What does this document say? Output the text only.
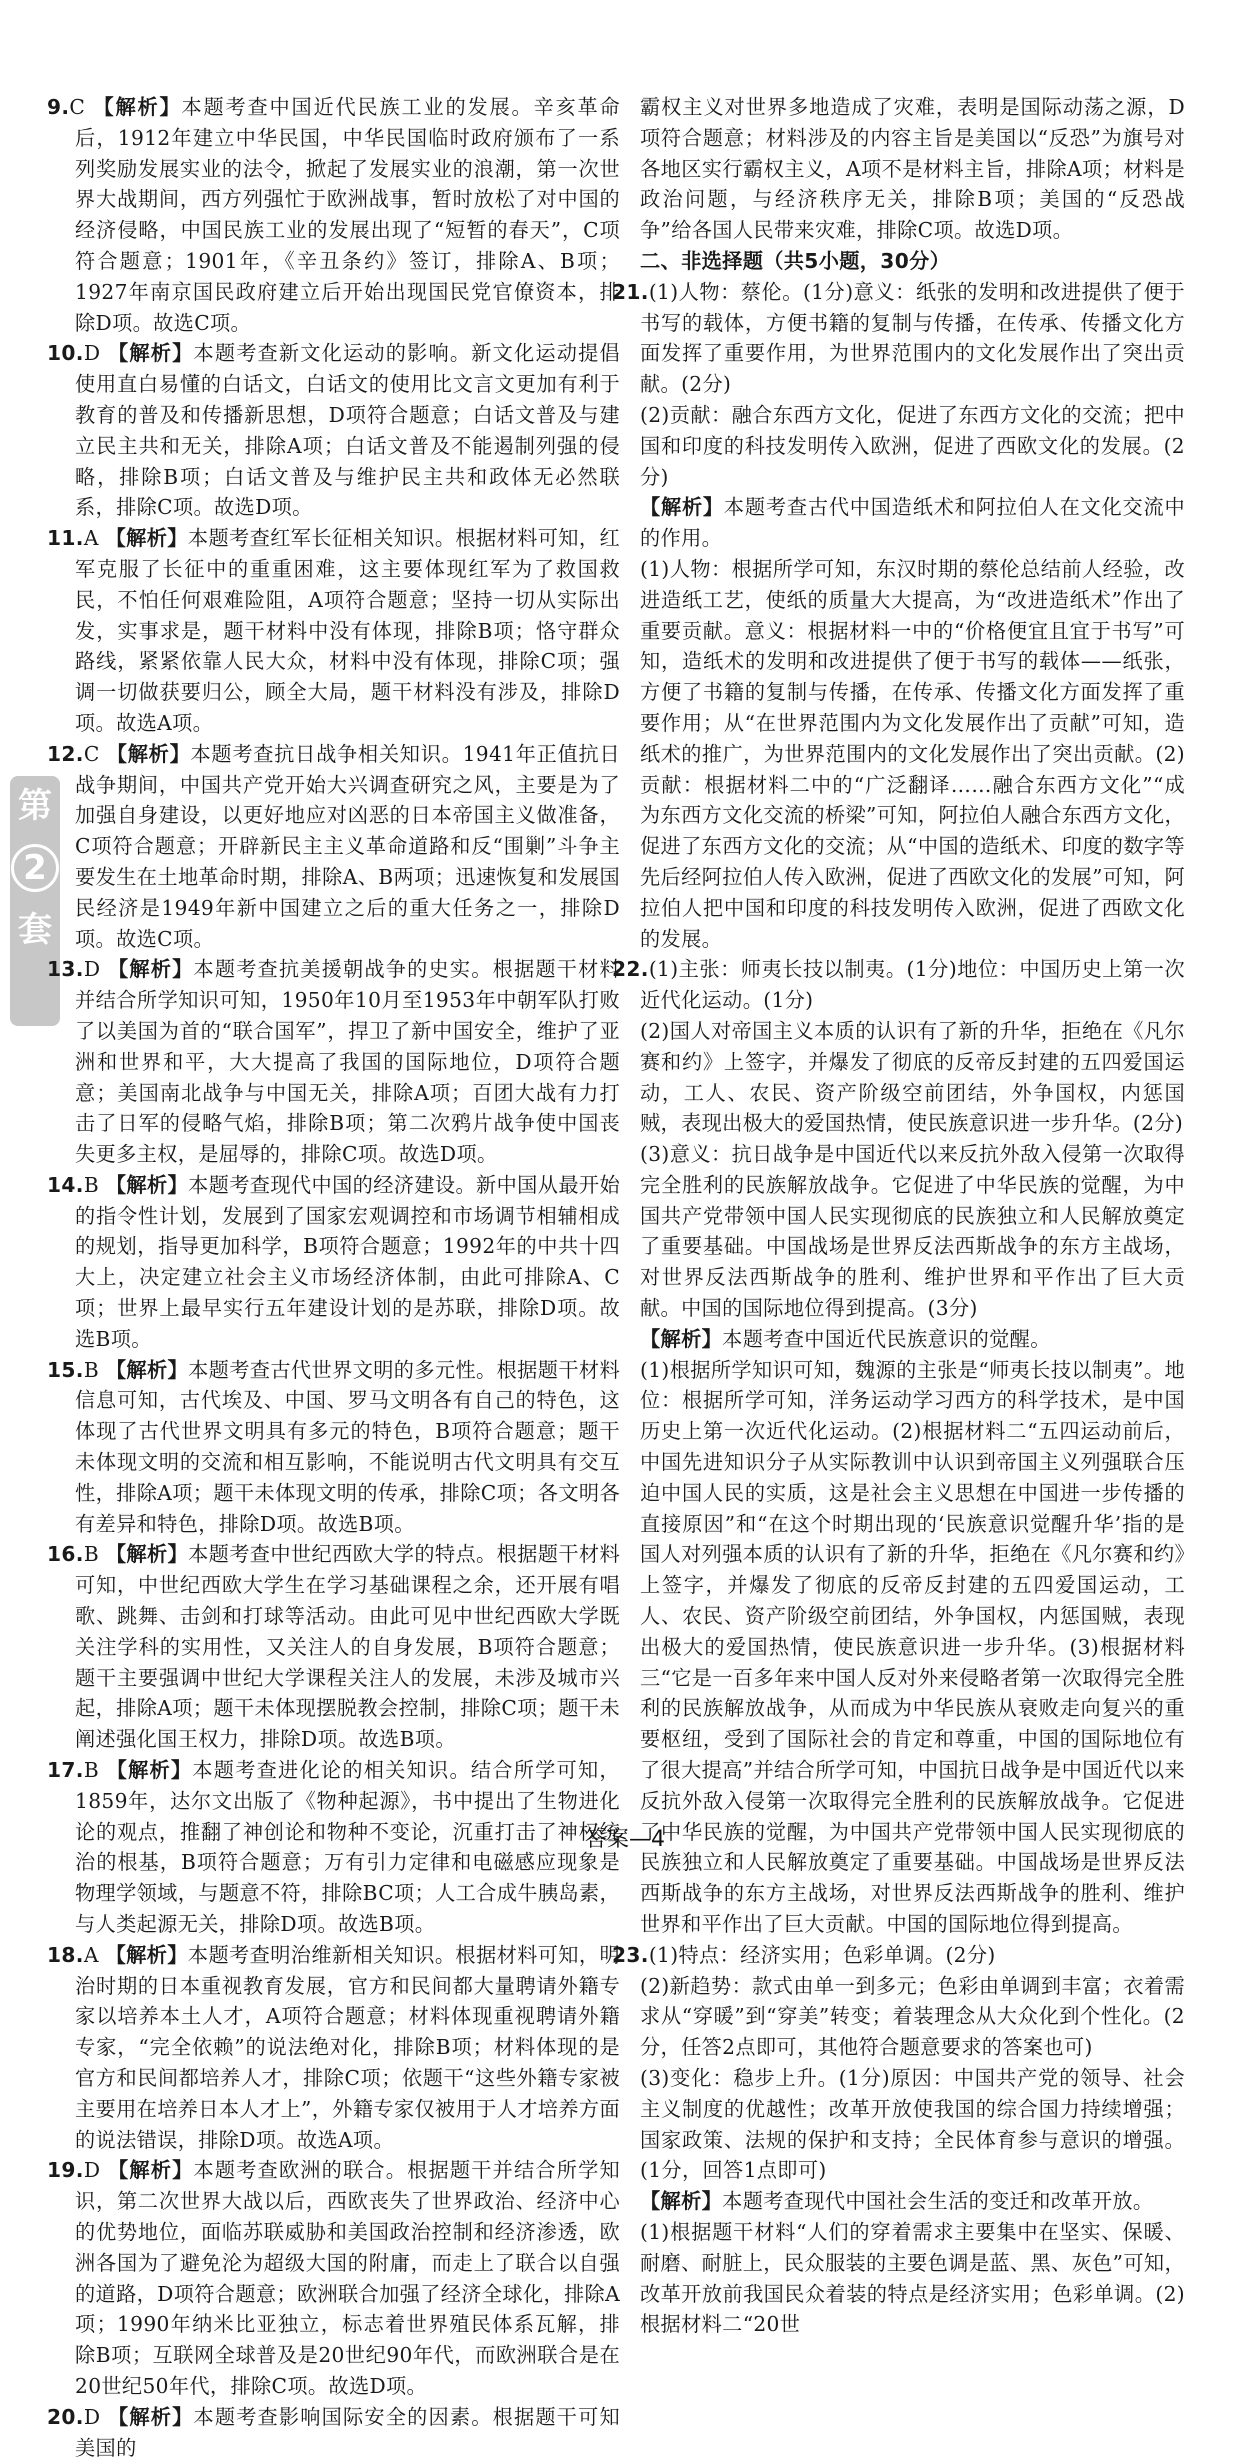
第
2
套
9.C 【解析】本题考查中国近代民族工业的发展。辛亥革命后，1912年建立中华民国，中华民国临时政府颁布了一系列奖励发展实业的法令，掀起了发展实业的浪潮，第一次世界大战期间，西方列强忙于欧洲战事，暂时放松了对中国的经济侵略，中国民族工业的发展出现了“短暂的春天”，C项符合题意；1901年，《辛丑条约》签订，排除A、B项；1927年南京国民政府建立后开始出现国民党官僚资本，排除D项。故选C项。
10.D 【解析】本题考查新文化运动的影响。新文化运动提倡使用直白易懂的白话文，白话文的使用比文言文更加有利于教育的普及和传播新思想，D项符合题意；白话文普及与建立民主共和无关，排除A项；白话文普及不能遏制列强的侵略，排除B项；白话文普及与维护民主共和政体无必然联系，排除C项。故选D项。
11.A 【解析】本题考查红军长征相关知识。根据材料可知，红军克服了长征中的重重困难，这主要体现红军为了救国救民，不怕任何艰难险阻，A项符合题意；坚持一切从实际出发，实事求是，题干材料中没有体现，排除B项；恪守群众路线，紧紧依靠人民大众，材料中没有体现，排除C项；强调一切做获要归公，顾全大局，题干材料没有涉及，排除D项。故选A项。
12.C 【解析】本题考查抗日战争相关知识。1941年正值抗日战争期间，中国共产党开始大兴调查研究之风，主要是为了加强自身建设，以更好地应对凶恶的日本帝国主义做准备，C项符合题意；开辟新民主主义革命道路和反“围剿”斗争主要发生在土地革命时期，排除A、B两项；迅速恢复和发展国民经济是1949年新中国建立之后的重大任务之一，排除D项。故选C项。
13.D 【解析】本题考查抗美援朝战争的史实。根据题干材料并结合所学知识可知，1950年10月至1953年中朝军队打败了以美国为首的“联合国军”，捍卫了新中国安全，维护了亚洲和世界和平，大大提高了我国的国际地位，D项符合题意；美国南北战争与中国无关，排除A项；百团大战有力打击了日军的侵略气焰，排除B项；第二次鸦片战争使中国丧失更多主权，是屈辱的，排除C项。故选D项。
14.B 【解析】本题考查现代中国的经济建设。新中国从最开始的指令性计划，发展到了国家宏观调控和市场调节相辅相成的规划，指导更加科学，B项符合题意；1992年的中共十四大上，决定建立社会主义市场经济体制，由此可排除A、C项；世界上最早实行五年建设计划的是苏联，排除D项。故选B项。
15.B 【解析】本题考查古代世界文明的多元性。根据题干材料信息可知，古代埃及、中国、罗马文明各有自己的特色，这体现了古代世界文明具有多元的特色，B项符合题意；题干未体现文明的交流和相互影响，不能说明古代文明具有交互性，排除A项；题干未体现文明的传承，排除C项；各文明各有差异和特色，排除D项。故选B项。
16.B 【解析】本题考查中世纪西欧大学的特点。根据题干材料可知，中世纪西欧大学生在学习基础课程之余，还开展有唱歌、跳舞、击剑和打球等活动。由此可见中世纪西欧大学既关注学科的实用性，又关注人的自身发展，B项符合题意；题干主要强调中世纪大学课程关注人的发展，未涉及城市兴起，排除A项；题干未体现摆脱教会控制，排除C项；题干未阐述强化国王权力，排除D项。故选B项。
17.B 【解析】本题考查进化论的相关知识。结合所学可知，1859年，达尔文出版了《物种起源》，书中提出了生物进化论的观点，推翻了神创论和物种不变论，沉重打击了神权统治的根基，B项符合题意；万有引力定律和电磁感应现象是物理学领域，与题意不符，排除BC项；人工合成牛胰岛素，与人类起源无关，排除D项。故选B项。
18.A 【解析】本题考查明治维新相关知识。根据材料可知，明治时期的日本重视教育发展，官方和民间都大量聘请外籍专家以培养本土人才，A项符合题意；材料体现重视聘请外籍专家，“完全依赖”的说法绝对化，排除B项；材料体现的是官方和民间都培养人才，排除C项；依题干“这些外籍专家被主要用在培养日本人才上”，外籍专家仅被用于人才培养方面的说法错误，排除D项。故选A项。
19.D 【解析】本题考查欧洲的联合。根据题干并结合所学知识，第二次世界大战以后，西欧丧失了世界政治、经济中心的优势地位，面临苏联威胁和美国政治控制和经济渗透，欧洲各国为了避免沦为超级大国的附庸，而走上了联合以自强的道路，D项符合题意；欧洲联合加强了经济全球化，排除A项；1990年纳米比亚独立，标志着世界殖民体系瓦解，排除B项；互联网全球普及是20世纪90年代，而欧洲联合是在20世纪50年代，排除C项。故选D项。
20.D 【解析】本题考查影响国际安全的因素。根据题干可知美国的
霸权主义对世界多地造成了灾难，表明是国际动荡之源，D项符合题意；材料涉及的内容主旨是美国以“反恐”为旗号对各地区实行霸权主义，A项不是材料主旨，排除A项；材料是政治问题，与经济秩序无关，排除B项；美国的“反恐战争”给各国人民带来灾难，排除C项。故选D项。
二、非选择题（共5小题，30分）
21.(1)人物：蔡伦。(1分)意义：纸张的发明和改进提供了便于书写的载体，方便书籍的复制与传播，在传承、传播文化方面发挥了重要作用，为世界范围内的文化发展作出了突出贡献。(2分)
(2)贡献：融合东西方文化，促进了东西方文化的交流；把中国和印度的科技发明传入欧洲，促进了西欧文化的发展。(2分)
【解析】本题考查古代中国造纸术和阿拉伯人在文化交流中的作用。
(1)人物：根据所学可知，东汉时期的蔡伦总结前人经验，改进造纸工艺，使纸的质量大大提高，为“改进造纸术”作出了重要贡献。意义：根据材料一中的“价格便宜且宜于书写”可知，造纸术的发明和改进提供了便于书写的载体——纸张，方便了书籍的复制与传播，在传承、传播文化方面发挥了重要作用；从“在世界范围内为文化发展作出了贡献”可知，造纸术的推广，为世界范围内的文化发展作出了突出贡献。(2)贡献：根据材料二中的“广泛翻译……融合东西方文化”“成为东西方文化交流的桥梁”可知，阿拉伯人融合东西方文化，促进了东西方文化的交流；从“中国的造纸术、印度的数字等先后经阿拉伯人传入欧洲，促进了西欧文化的发展”可知，阿拉伯人把中国和印度的科技发明传入欧洲，促进了西欧文化的发展。
22.(1)主张：师夷长技以制夷。(1分)地位：中国历史上第一次近代化运动。(1分)
(2)国人对帝国主义本质的认识有了新的升华，拒绝在《凡尔赛和约》上签字，并爆发了彻底的反帝反封建的五四爱国运动，工人、农民、资产阶级空前团结，外争国权，内惩国贼，表现出极大的爱国热情，使民族意识进一步升华。(2分)
(3)意义：抗日战争是中国近代以来反抗外敌入侵第一次取得完全胜利的民族解放战争。它促进了中华民族的觉醒，为中国共产党带领中国人民实现彻底的民族独立和人民解放奠定了重要基础。中国战场是世界反法西斯战争的东方主战场，对世界反法西斯战争的胜利、维护世界和平作出了巨大贡献。中国的国际地位得到提高。(3分)
【解析】本题考查中国近代民族意识的觉醒。
(1)根据所学知识可知，魏源的主张是“师夷长技以制夷”。地位：根据所学可知，洋务运动学习西方的科学技术，是中国历史上第一次近代化运动。(2)根据材料二“五四运动前后，中国先进知识分子从实际教训中认识到帝国主义列强联合压迫中国人民的实质，这是社会主义思想在中国进一步传播的直接原因”和“在这个时期出现的‘民族意识觉醒升华’指的是国人对列强本质的认识有了新的升华，拒绝在《凡尔赛和约》上签字，并爆发了彻底的反帝反封建的五四爱国运动，工人、农民、资产阶级空前团结，外争国权，内惩国贼，表现出极大的爱国热情，使民族意识进一步升华。(3)根据材料三“它是一百多年来中国人反对外来侵略者第一次取得完全胜利的民族解放战争，从而成为中华民族从衰败走向复兴的重要枢纽，受到了国际社会的肯定和尊重，中国的国际地位有了很大提高”并结合所学可知，中国抗日战争是中国近代以来反抗外敌入侵第一次取得完全胜利的民族解放战争。它促进了中华民族的觉醒，为中国共产党带领中国人民实现彻底的民族独立和人民解放奠定了重要基础。中国战场是世界反法西斯战争的东方主战场，对世界反法西斯战争的胜利、维护世界和平作出了巨大贡献。中国的国际地位得到提高。
23.(1)特点：经济实用；色彩单调。(2分)
(2)新趋势：款式由单一到多元；色彩由单调到丰富；衣着需求从“穿暖”到“穿美”转变；着装理念从大众化到个性化。(2分，任答2点即可，其他符合题意要求的答案也可)
(3)变化：稳步上升。(1分)原因：中国共产党的领导、社会主义制度的优越性；改革开放使我国的综合国力持续增强；国家政策、法规的保护和支持；全民体育参与意识的增强。(1分，回答1点即可)
【解析】本题考查现代中国社会生活的变迁和改革开放。
(1)根据题干材料“人们的穿着需求主要集中在坚实、保暖、耐磨、耐脏上，民众服装的主要色调是蓝、黑、灰色”可知，改革开放前我国民众着装的特点是经济实用；色彩单调。(2)根据材料二“20世
答案—4
